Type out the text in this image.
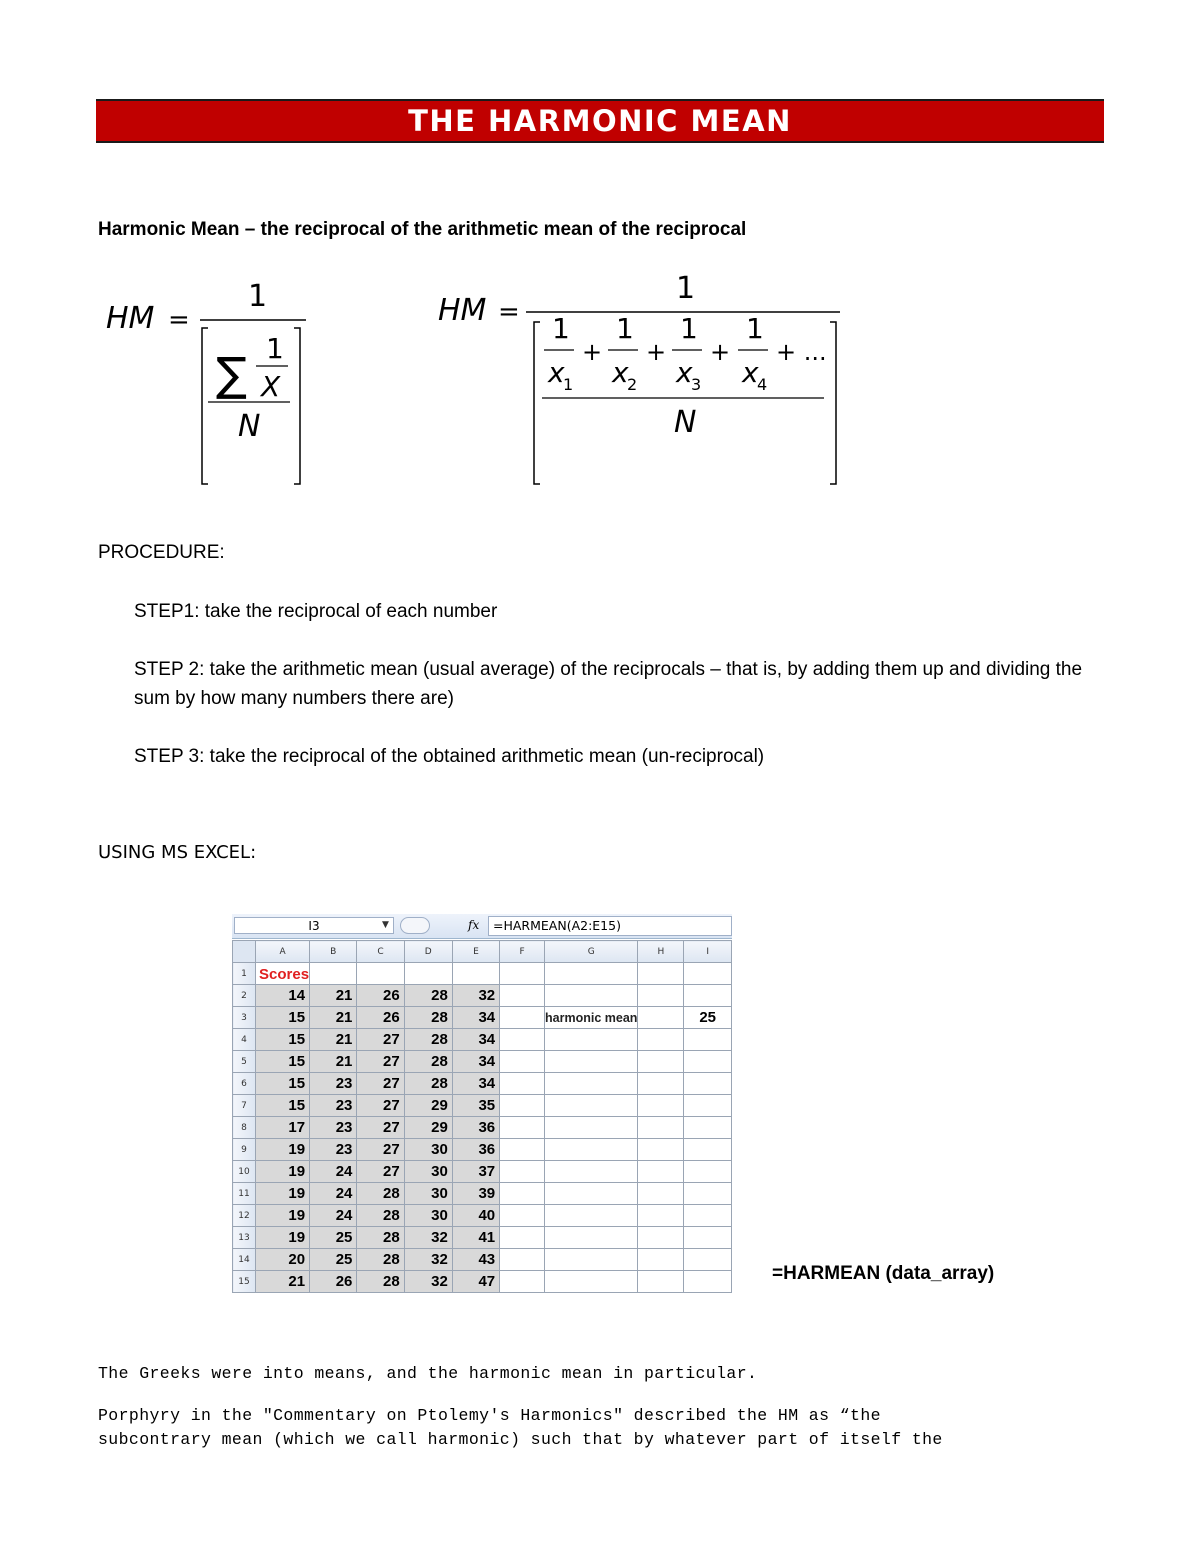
THE HARMONIC MEAN
Harmonic Mean – the reciprocal of the arithmetic mean of the reciprocal
HM =
1
∑ 1
X
N
HM =
1
1
x
1
+
1
x
2
+
1
x
3
+
1
x
4
+ ...
N
PROCEDURE:
STEP1: take the reciprocal of each number
STEP 2: take the arithmetic mean (usual average) of the reciprocals – that is, by adding them up and dividing the sum by how many numbers there are)
STEP 3: take the reciprocal of the obtained arithmetic mean (un-reciprocal)
USING MS EXCEL:
I3	▼	fx	=HARMEAN(A2:E15)
	A	B	C	D	E	F	G	H	I
1	Scores								
2	14	21	26	28	32				
3	15	21	26	28	34		harmonic mean		25
4	15	21	27	28	34				
5	15	21	27	28	34				
6	15	23	27	28	34				
7	15	23	27	29	35				
8	17	23	27	29	36				
9	19	23	27	30	36				
10	19	24	27	30	37				
11	19	24	28	30	39				
12	19	24	28	30	40				
13	19	25	28	32	41				
14	20	25	28	32	43				
15	21	26	28	32	47					=HARMEAN (data_array)
The Greeks were into means, and the harmonic mean in particular.
Porphyry in the "Commentary on Ptolemy's Harmonics" described the HM as “the
subcontrary mean (which we call harmonic) such that by whatever part of itself the
